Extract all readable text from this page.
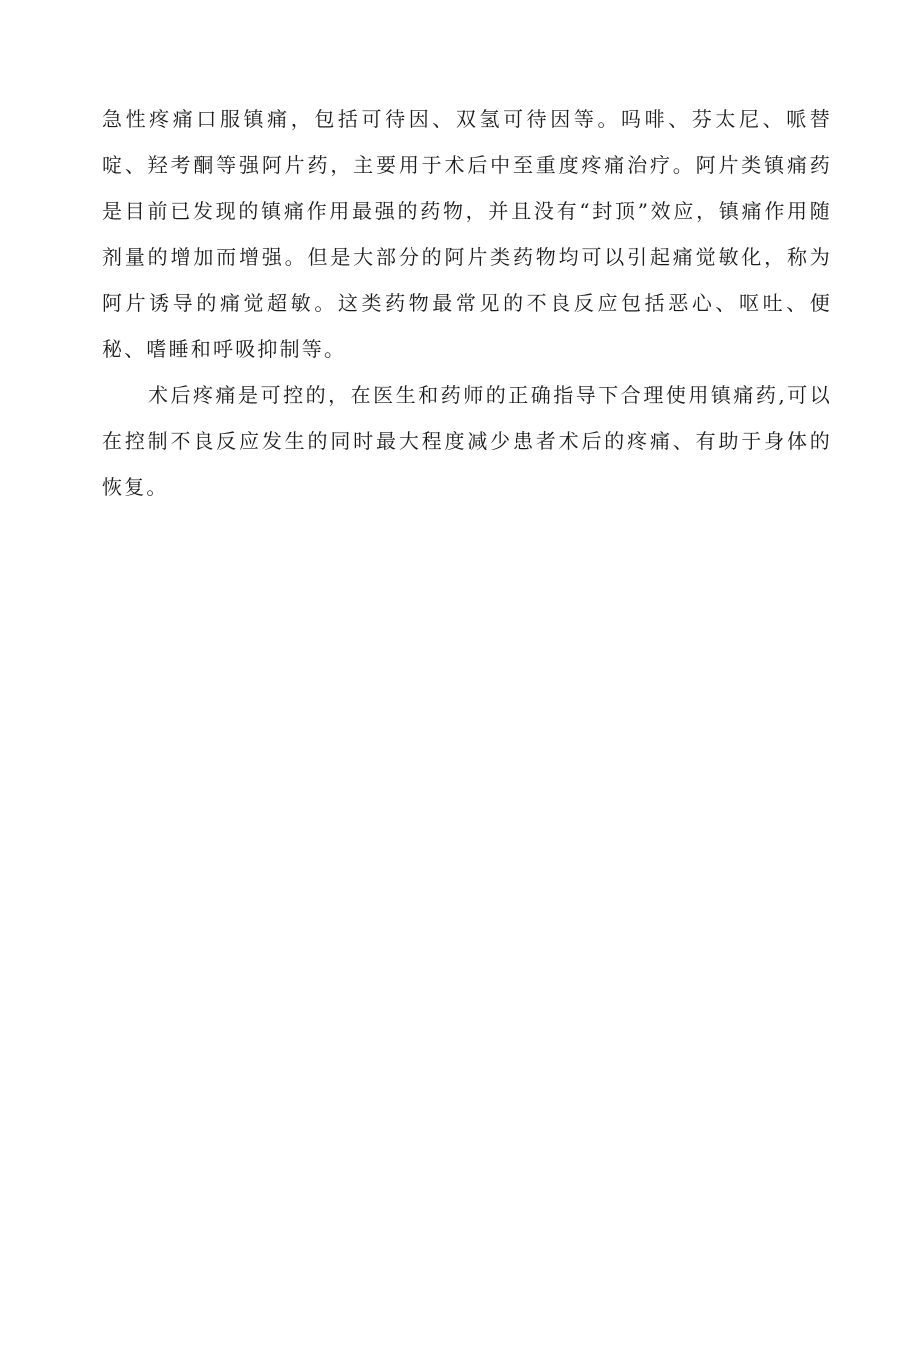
急性疼痛口服镇痛，包括可待因、双氢可待因等。吗啡、芬太尼、哌替啶、羟考酮等强阿片药，主要用于术后中至重度疼痛治疗。阿片类镇痛药是目前已发现的镇痛作用最强的药物，并且没有“封顶”效应，镇痛作用随剂量的增加而增强。但是大部分的阿片类药物均可以引起痛觉敏化，称为阿片诱导的痛觉超敏。这类药物最常见的不良反应包括恶心、呕吐、便秘、嗜睡和呼吸抑制等。

术后疼痛是可控的，在医生和药师的正确指导下合理使用镇痛药,可以在控制不良反应发生的同时最大程度减少患者术后的疼痛、有助于身体的恢复。
